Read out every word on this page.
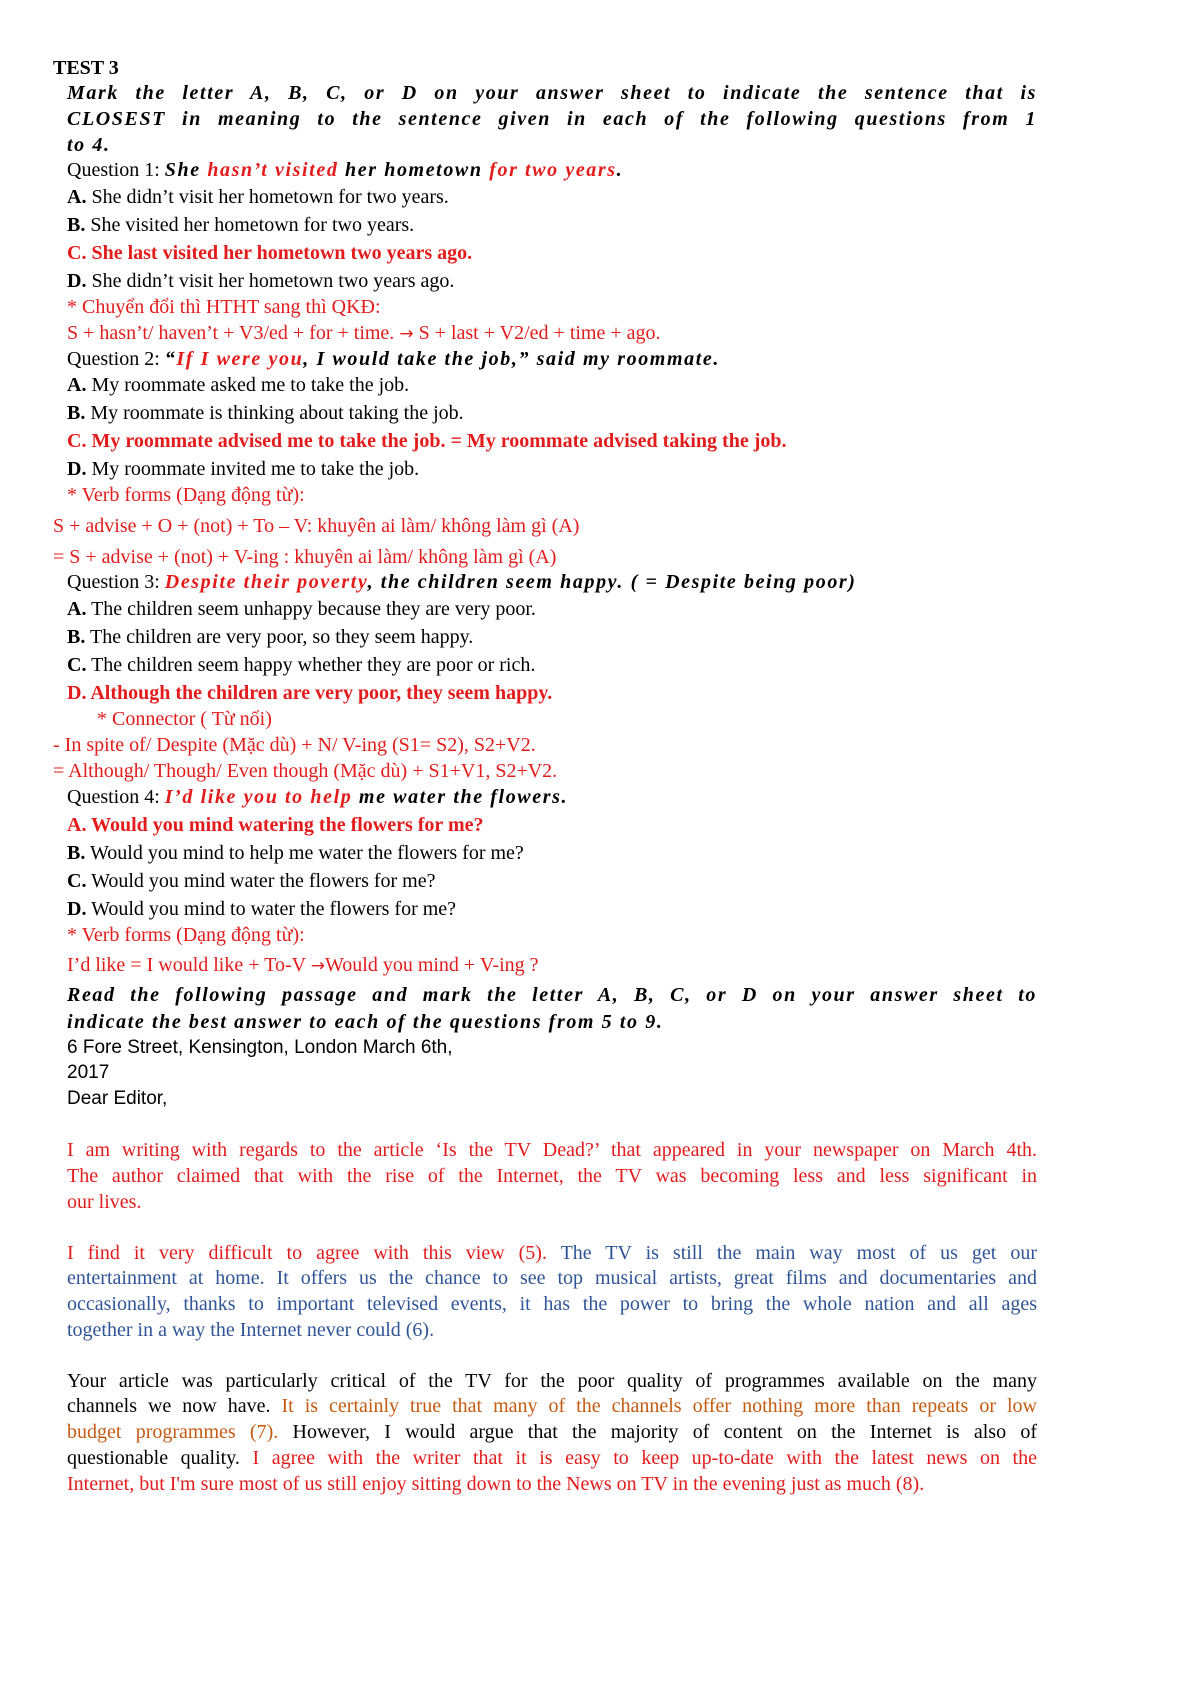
TEST 3
Mark the letter A, B, C, or D on your answer sheet to indicate the sentence that is
CLOSEST in meaning to the sentence given in each of the following questions from 1
to 4.
Question 1: She hasn’t visited her hometown for two years.
A. She didn’t visit her hometown for two years.
B. She visited her hometown for two years.
C. She last visited her hometown two years ago.
D. She didn’t visit her hometown two years ago.
* Chuyển đổi thì HTHT sang thì QKĐ:
S + hasn’t/ haven’t + V3/ed + for + time. → S + last + V2/ed + time + ago.
Question 2: “If I were you, I would take the job,” said my roommate.
A. My roommate asked me to take the job.
B. My roommate is thinking about taking the job.
C. My roommate advised me to take the job. = My roommate advised taking the job.
D. My roommate invited me to take the job.
* Verb forms (Dạng động từ):
S + advise + O + (not) + To – V: khuyên ai làm/ không làm gì (A)
= S + advise + (not) + V-ing : khuyên ai làm/ không làm gì (A)
Question 3: Despite their poverty, the children seem happy. ( = Despite being poor)
A. The children seem unhappy because they are very poor.
B. The children are very poor, so they seem happy.
C. The children seem happy whether they are poor or rich.
D. Although the children are very poor, they seem happy.
* Connector ( Từ nối)
- In spite of/ Despite (Mặc dù) + N/ V-ing (S1= S2), S2+V2.
= Although/ Though/ Even though (Mặc dù) + S1+V1, S2+V2.
Question 4: I’d like you to help me water the flowers.
A. Would you mind watering the flowers for me?
B. Would you mind to help me water the flowers for me?
C. Would you mind water the flowers for me?
D. Would you mind to water the flowers for me?
* Verb forms (Dạng động từ):
I’d like = I would like + To-V →Would you mind + V-ing ?
Read the following passage and mark the letter A, B, C, or D on your answer sheet to
indicate the best answer to each of the questions from 5 to 9.
6 Fore Street, Kensington, London March 6th,
2017
Dear Editor,
I am writing with regards to the article ‘Is the TV Dead?’ that appeared in your newspaper on March 4th.
The author claimed that with the rise of the Internet, the TV was becoming less and less significant in
our lives.
I find it very difficult to agree with this view (5). The TV is still the main way most of us get our
entertainment at home. It offers us the chance to see top musical artists, great films and documentaries and
occasionally, thanks to important televised events, it has the power to bring the whole nation and all ages
together in a way the Internet never could (6).
Your article was particularly critical of the TV for the poor quality of programmes available on the many
channels we now have. It is certainly true that many of the channels offer nothing more than repeats or low
budget programmes (7). However, I would argue that the majority of content on the Internet is also of
questionable quality. I agree with the writer that it is easy to keep up-to-date with the latest news on the
Internet, but I'm sure most of us still enjoy sitting down to the News on TV in the evening just as much (8).
